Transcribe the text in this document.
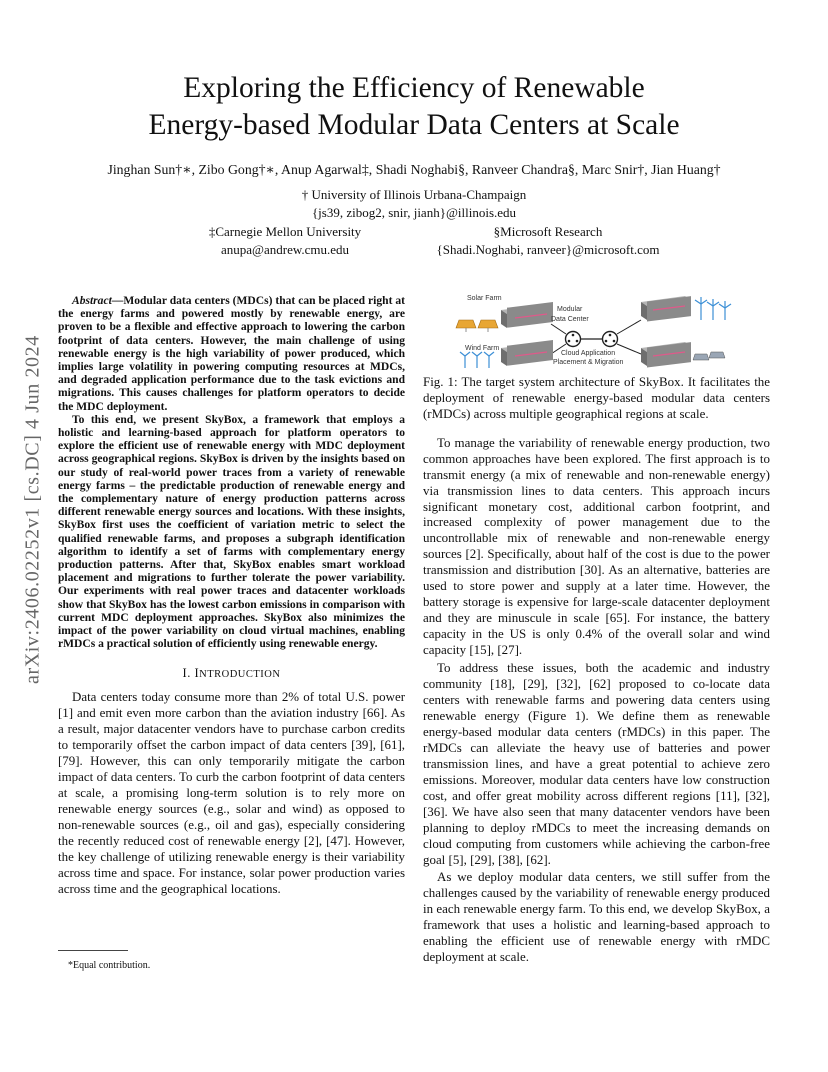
arXiv:2406.02252v1 [cs.DC] 4 Jun 2024
Exploring the Efficiency of Renewable
Energy-based Modular Data Centers at Scale
Jinghan Sun†∗, Zibo Gong†∗, Anup Agarwal‡, Shadi Noghabi§, Ranveer Chandra§, Marc Snir†, Jian Huang†
† University of Illinois Urbana-Champaign
{js39, zibog2, snir, jianh}@illinois.edu
‡Carnegie Mellon University
anupa@andrew.cmu.edu
§Microsoft Research
{Shadi.Noghabi, ranveer}@microsoft.com

Abstract—Modular data centers (MDCs) that can be placed right at the energy farms and powered mostly by renewable energy, are proven to be a flexible and effective approach to lowering the carbon footprint of data centers. However, the main challenge of using renewable energy is the high variability of power produced, which implies large volatility in powering computing resources at MDCs, and degraded application performance due to the task evictions and migrations. This causes challenges for platform operators to decide the MDC deployment.

To this end, we present SkyBox, a framework that employs a holistic and learning-based approach for platform operators to explore the efficient use of renewable energy with MDC deployment across geographical regions. SkyBox is driven by the insights based on our study of real-world power traces from a variety of renewable energy farms – the predictable production of renewable energy and the complementary nature of energy production patterns across different renewable energy sources and locations. With these insights, SkyBox first uses the coefficient of variation metric to select the qualified renewable farms, and proposes a subgraph identification algorithm to identify a set of farms with complementary energy production patterns. After that, SkyBox enables smart workload placement and migrations to further tolerate the power variability. Our experiments with real power traces and datacenter workloads show that SkyBox has the lowest carbon emissions in comparison with current MDC deployment approaches. SkyBox also minimizes the impact of the power variability on cloud virtual machines, enabling rMDCs a practical solution of efficiently using renewable energy.

I. INTRODUCTION

Data centers today consume more than 2% of total U.S. power [1] and emit even more carbon than the aviation industry [66]. As a result, major datacenter vendors have to purchase carbon credits to temporarily offset the carbon impact of data centers [39], [61], [79]. However, this can only temporarily mitigate the carbon impact of data centers. To curb the carbon footprint of data centers at scale, a promising long-term solution is to rely more on renewable energy sources (e.g., solar and wind) as opposed to non-renewable sources (e.g., oil and gas), especially considering the recently reduced cost of renewable energy [2], [47]. However, the key challenge of utilizing renewable energy is their variability across time and space. For instance, solar power production varies across time and the geographical locations.

*Equal contribution.
Solar Farm
Modular
Data Center
Cloud Application
Placement & Migration
Wind Farm
Fig. 1: The target system architecture of SkyBox. It facilitates the deployment of renewable energy-based modular data centers (rMDCs) across multiple geographical regions at scale.

To manage the variability of renewable energy production, two common approaches have been explored. The first approach is to transmit energy (a mix of renewable and non-renewable energy) via transmission lines to data centers. This approach incurs significant monetary cost, additional carbon footprint, and increased complexity of power management due to the uncontrollable mix of renewable and non-renewable energy sources [2]. Specifically, about half of the cost is due to the power transmission and distribution [30]. As an alternative, batteries are used to store power and supply at a later time. However, the battery storage is expensive for large-scale datacenter deployment and they are minuscule in scale [65]. For instance, the battery capacity in the US is only 0.4% of the overall solar and wind capacity [15], [27].

To address these issues, both the academic and industry community [18], [29], [32], [62] proposed to co-locate data centers with renewable farms and powering data centers using renewable energy (Figure 1). We define them as renewable energy-based modular data centers (rMDCs) in this paper. The rMDCs can alleviate the heavy use of batteries and power transmission lines, and have a great potential to achieve zero emissions. Moreover, modular data centers have low construction cost, and offer great mobility across different regions [11], [32], [36]. We have also seen that many datacenter vendors have been planning to deploy rMDCs to meet the increasing demands on cloud computing from customers while achieving the carbon-free goal [5], [29], [38], [62].

As we deploy modular data centers, we still suffer from the challenges caused by the variability of renewable energy produced in each renewable energy farm. To this end, we develop SkyBox, a framework that uses a holistic and learning-based approach to enabling the efficient use of renewable energy with rMDC deployment at scale.
